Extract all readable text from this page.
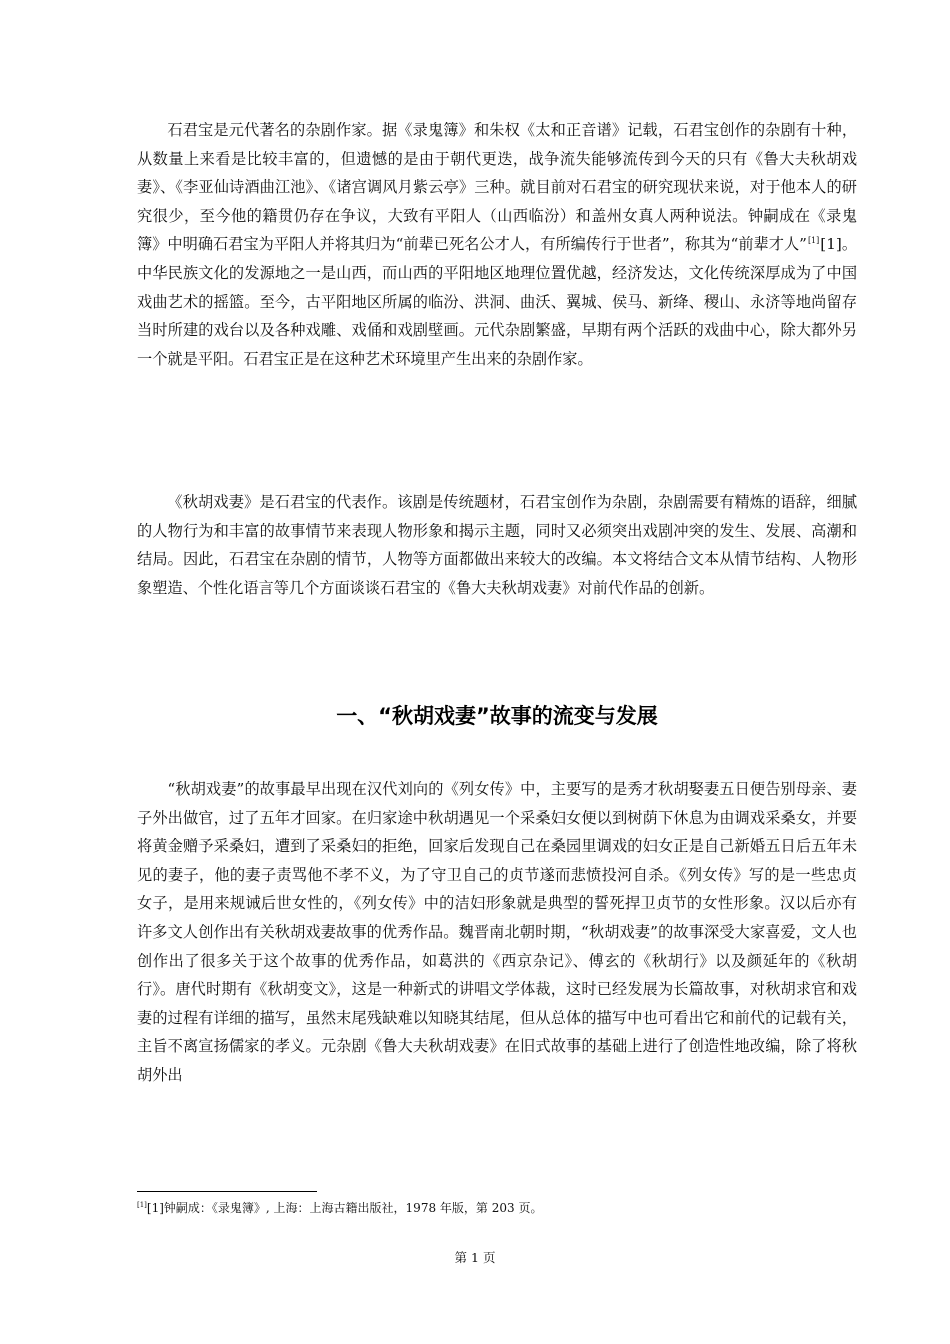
石君宝是元代著名的杂剧作家。据《录鬼簿》和朱权《太和正音谱》记载，石君宝创作的杂剧有十种，从数量上来看是比较丰富的，但遗憾的是由于朝代更迭，战争流失能够流传到今天的只有《鲁大夫秋胡戏妻》、《李亚仙诗酒曲江池》、《诸宫调风月紫云亭》三种。就目前对石君宝的研究现状来说，对于他本人的研究很少，至今他的籍贯仍存在争议，大致有平阳人（山西临汾）和盖州女真人两种说法。钟嗣成在《录鬼簿》中明确石君宝为平阳人并将其归为“前辈已死名公才人，有所编传行于世者”，称其为“前辈才人”[1][1]。中华民族文化的发源地之一是山西，而山西的平阳地区地理位置优越，经济发达，文化传统深厚成为了中国戏曲艺术的摇篮。至今，古平阳地区所属的临汾、洪洞、曲沃、翼城、侯马、新绛、稷山、永济等地尚留存当时所建的戏台以及各种戏雕、戏俑和戏剧壁画。元代杂剧繁盛，早期有两个活跃的戏曲中心，除大都外另一个就是平阳。石君宝正是在这种艺术环境里产生出来的杂剧作家。

《秋胡戏妻》是石君宝的代表作。该剧是传统题材，石君宝创作为杂剧，杂剧需要有精炼的语辞，细腻的人物行为和丰富的故事情节来表现人物形象和揭示主题，同时又必须突出戏剧冲突的发生、发展、高潮和结局。因此，石君宝在杂剧的情节，人物等方面都做出来较大的改编。本文将结合文本从情节结构、人物形象塑造、个性化语言等几个方面谈谈石君宝的《鲁大夫秋胡戏妻》对前代作品的创新。

一、“秋胡戏妻”故事的流变与发展

“秋胡戏妻”的故事最早出现在汉代刘向的《列女传》中，主要写的是秀才秋胡娶妻五日便告别母亲、妻子外出做官，过了五年才回家。在归家途中秋胡遇见一个采桑妇女便以到树荫下休息为由调戏采桑女，并要将黄金赠予采桑妇，遭到了采桑妇的拒绝，回家后发现自己在桑园里调戏的妇女正是自己新婚五日后五年未见的妻子，他的妻子责骂他不孝不义，为了守卫自己的贞节遂而悲愤投河自杀。《列女传》写的是一些忠贞女子，是用来规诫后世女性的，《列女传》中的洁妇形象就是典型的誓死捍卫贞节的女性形象。汉以后亦有许多文人创作出有关秋胡戏妻故事的优秀作品。魏晋南北朝时期，“秋胡戏妻”的故事深受大家喜爱，文人也创作出了很多关于这个故事的优秀作品，如葛洪的《西京杂记》、傅玄的《秋胡行》以及颜延年的《秋胡行》。唐代时期有《秋胡变文》，这是一种新式的讲唱文学体裁，这时已经发展为长篇故事，对秋胡求官和戏妻的过程有详细的描写，虽然末尾残缺难以知晓其结尾，但从总体的描写中也可看出它和前代的记载有关，主旨不离宣扬儒家的孝义。元杂剧《鲁大夫秋胡戏妻》在旧式故事的基础上进行了创造性地改编，除了将秋胡外出

[1][1]钟嗣成：《录鬼簿》, 上海：上海古籍出版社，1978 年版，第 203 页。

第 1 页
